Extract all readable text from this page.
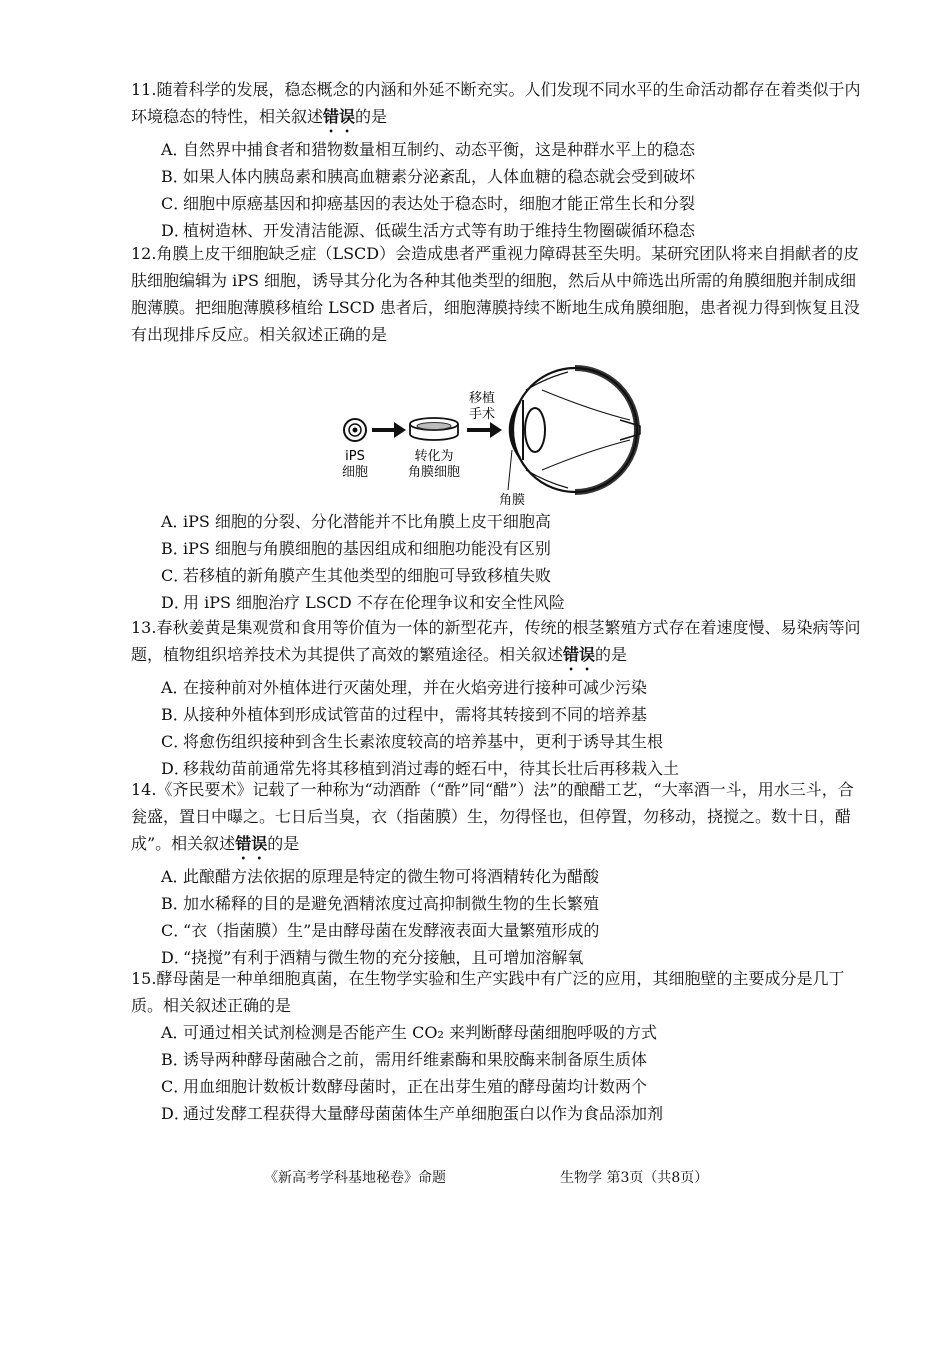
11.随着科学的发展，稳态概念的内涵和外延不断充实。人们发现不同水平的生命活动都存在着类似于内环境稳态的特性，相关叙述错误的是

A．自然界中捕食者和猎物数量相互制约、动态平衡，这是种群水平上的稳态

B．如果人体内胰岛素和胰高血糖素分泌紊乱，人体血糖的稳态就会受到破坏

C．细胞中原癌基因和抑癌基因的表达处于稳态时，细胞才能正常生长和分裂

D．植树造林、开发清洁能源、低碳生活方式等有助于维持生物圈碳循环稳态

12.角膜上皮干细胞缺乏症（LSCD）会造成患者严重视力障碍甚至失明。某研究团队将来自捐献者的皮肤细胞编辑为 iPS 细胞，诱导其分化为各种其他类型的细胞，然后从中筛选出所需的角膜细胞并制成细胞薄膜。把细胞薄膜移植给 LSCD 患者后，细胞薄膜持续不断地生成角膜细胞，患者视力得到恢复且没有出现排斥反应。相关叙述正确的是

iPS
细胞
转化为
角膜细胞
移植
手术
角膜

A．iPS 细胞的分裂、分化潜能并不比角膜上皮干细胞高

B．iPS 细胞与角膜细胞的基因组成和细胞功能没有区别

C．若移植的新角膜产生其他类型的细胞可导致移植失败

D．用 iPS 细胞治疗 LSCD 不存在伦理争议和安全性风险

13.春秋姜黄是集观赏和食用等价值为一体的新型花卉，传统的根茎繁殖方式存在着速度慢、易染病等问题，植物组织培养技术为其提供了高效的繁殖途径。相关叙述错误的是

A．在接种前对外植体进行灭菌处理，并在火焰旁进行接种可减少污染

B．从接种外植体到形成试管苗的过程中，需将其转接到不同的培养基

C．将愈伤组织接种到含生长素浓度较高的培养基中，更利于诱导其生根

D．移栽幼苗前通常先将其移植到消过毒的蛭石中，待其长壮后再移栽入土

14.《齐民要术》记载了一种称为“动酒酢（“酢”同“醋”）法”的酿醋工艺，“大率酒一斗，用水三斗，合瓮盛，置日中曝之。七日后当臭，衣（指菌膜）生，勿得怪也，但停置，勿移动，挠搅之。数十日，醋成”。相关叙述错误的是

A．此酿醋方法依据的原理是特定的微生物可将酒精转化为醋酸

B．加水稀释的目的是避免酒精浓度过高抑制微生物的生长繁殖

C．“衣（指菌膜）生”是由酵母菌在发酵液表面大量繁殖形成的

D．“挠搅”有利于酒精与微生物的充分接触，且可增加溶解氧

15.酵母菌是一种单细胞真菌，在生物学实验和生产实践中有广泛的应用，其细胞壁的主要成分是几丁质。相关叙述正确的是

A．可通过相关试剂检测是否能产生 CO₂ 来判断酵母菌细胞呼吸的方式

B．诱导两种酵母菌融合之前，需用纤维素酶和果胶酶来制备原生质体

C．用血细胞计数板计数酵母菌时，正在出芽生殖的酵母菌均计数两个

D．通过发酵工程获得大量酵母菌菌体生产单细胞蛋白以作为食品添加剂

《新高考学科基地秘卷》命题	生物学 第3页（共8页）
